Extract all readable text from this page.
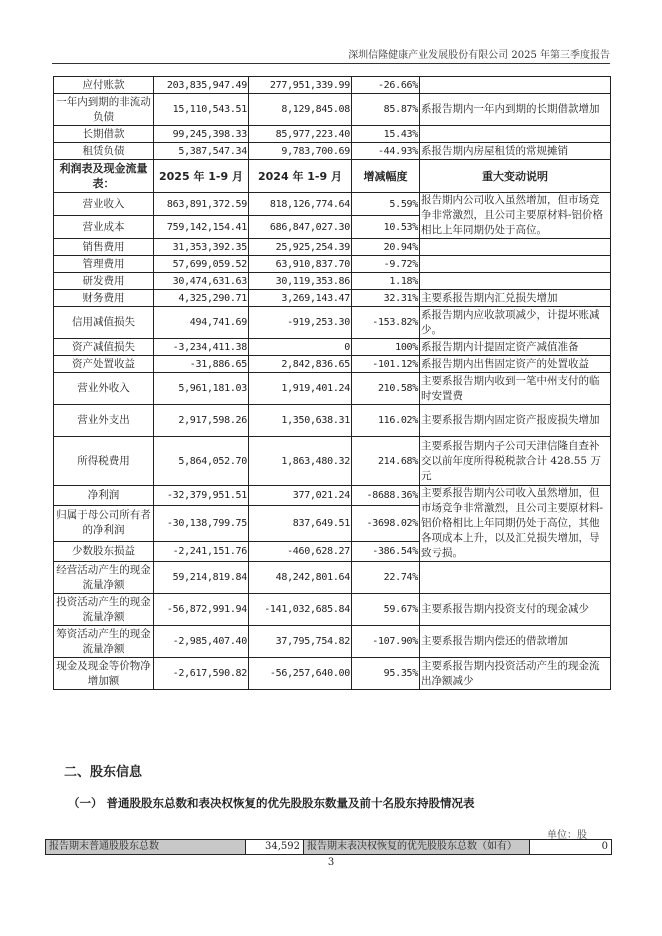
深圳信隆健康产业发展股份有限公司 2025 年第三季度报告
应付账款	203,835,947.49	277,951,339.99	-26.66%	
一年内到期的非流动负债	15,110,543.51	8,129,845.08	85.87%	系报告期内一年内到期的长期借款增加
长期借款	99,245,398.33	85,977,223.40	15.43%	
租赁负债	5,387,547.34	9,783,700.69	-44.93%	系报告期内房屋租赁的常规摊销
利润表及现金流量表：	2025 年 1-9 月	2024 年 1-9 月	增减幅度	重大变动说明
营业收入	863,891,372.59	818,126,774.64	5.59%	报告期内公司收入虽然增加，但市场竞争非常激烈，且公司主要原材料-铝价格相比上年同期仍处于高位。
营业成本	759,142,154.41	686,847,027.30	10.53%	
销售费用	31,353,392.35	25,925,254.39	20.94%	
管理费用	57,699,059.52	63,910,837.70	-9.72%	
研发费用	30,474,631.63	30,119,353.86	1.18%	
财务费用	4,325,290.71	3,269,143.47	32.31%	主要系报告期内汇兑损失增加
信用减值损失	494,741.69	-919,253.30	-153.82%	系报告期内应收款项减少，计提坏账减少。
资产减值损失	-3,234,411.38	0	100%	系报告期内计提固定资产减值准备
资产处置收益	-31,886.65	2,842,836.65	-101.12%	系报告期内出售固定资产的处置收益
营业外收入	5,961,181.03	1,919,401.24	210.58%	主要系报告期内收到一笔中州支付的临时安置费
营业外支出	2,917,598.26	1,350,638.31	116.02%	主要系报告期内固定资产报废损失增加
所得税费用	5,864,052.70	1,863,480.32	214.68%	主要系报告期内子公司天津信隆自查补交以前年度所得税税款合计 428.55 万元
净利润	-32,379,951.51	377,021.24	-8688.36%	主要系报告期内公司收入虽然增加，但市场竞争非常激烈，且公司主要原材料-铝价格相比上年同期仍处于高位，其他各项成本上升，以及汇兑损失增加，导致亏损。
归属于母公司所有者的净利润	-30,138,799.75	837,649.51	-3698.02%	
少数股东损益	-2,241,151.76	-460,628.27	-386.54%	
经营活动产生的现金流量净额	59,214,819.84	48,242,801.64	22.74%	
投资活动产生的现金流量净额	-56,872,991.94	-141,032,685.84	59.67%	主要系报告期内投资支付的现金减少
筹资活动产生的现金流量净额	-2,985,407.40	37,795,754.82	-107.90%	主要系报告期内偿还的借款增加
现金及现金等价物净增加额	-2,617,590.82	-56,257,640.00	95.35%	主要系报告期内投资活动产生的现金流出净额减少
二、股东信息
（一） 普通股股东总数和表决权恢复的优先股股东数量及前十名股东持股情况表
单位：股
报告期末普通股股东总数	34,592	报告期末表决权恢复的优先股股东总数（如有）	0
3
